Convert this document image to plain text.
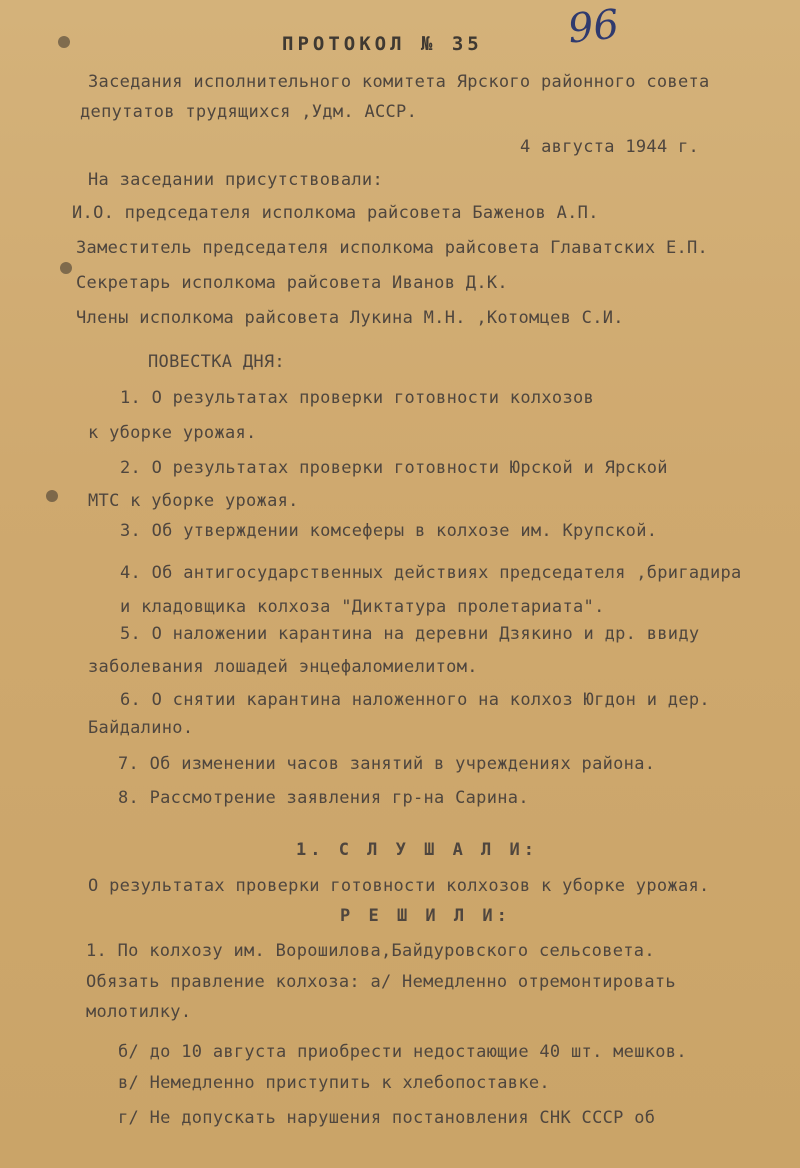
96
ПРОТОКОЛ № 35
Заседания исполнительного комитета Ярского районного совета
депутатов трудящихся ,Удм. АССР.
4 августа 1944 г.
На заседании присутствовали:
И.О. председателя исполкома райсовета Баженов А.П.
Заместитель председателя исполкома райсовета Главатских Е.П.
Секретарь исполкома райсовета Иванов Д.К.
Члены исполкома райсовета Лукина М.Н. ,Котомцев С.И.
ПОВЕСТКА ДНЯ:
1. О результатах проверки готовности колхозов
к уборке урожая.
2. О результатах проверки готовности Юрской и Ярской
МТС к уборке урожая.
3. Об утверждении комсеферы в колхозе им. Крупской.
4. Об антигосударственных действиях председателя ,бригадира и кладовщика колхоза "Диктатура пролетариата".
5. О наложении карантина на деревни Дзякино и др. ввиду
заболевания лошадей энцефаломиелитом.
6. О снятии карантина наложенного на колхоз Югдон и дер.
Байдалино.
7. Об изменении часов занятий в учреждениях района.
8. Рассмотрение заявления гр-на Сарина.
1. С Л У Ш А Л И:
О результатах проверки готовности колхозов к уборке урожая.
Р Е Ш И Л И:
1. По колхозу им. Ворошилова,Байдуровского сельсовета.
Обязать правление колхоза: а/ Немедленно отремонтировать
молотилку.
б/ до 10 августа приобрести недостающие 40 шт. мешков.
в/ Немедленно приступить к хлебопоставке.
г/ Не допускать нарушения постановления СНК СССР об
